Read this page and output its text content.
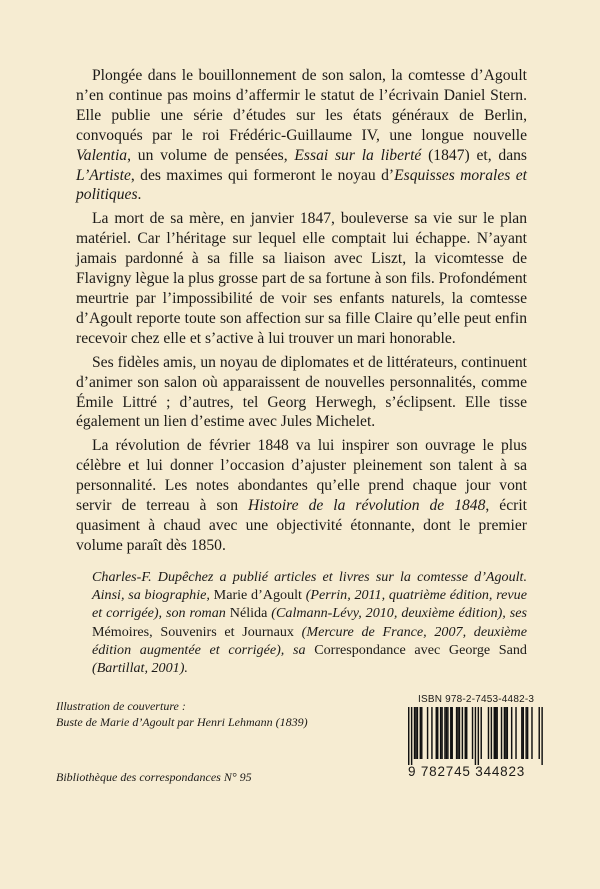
Plongée dans le bouillonnement de son salon, la comtesse d’Agoult n’en continue pas moins d’affermir le statut de l’écrivain Daniel Stern. Elle publie une série d’études sur les états généraux de Berlin, convoqués par le roi Frédéric-Guillaume IV, une longue nouvelle Valentia, un volume de pensées, Essai sur la liberté (1847) et, dans L’Artiste, des maximes qui formeront le noyau d’Esquisses morales et politiques.

La mort de sa mère, en janvier 1847, bouleverse sa vie sur le plan matériel. Car l’héritage sur lequel elle comptait lui échappe. N’ayant jamais pardonné à sa fille sa liaison avec Liszt, la vicomtesse de Flavigny lègue la plus grosse part de sa fortune à son fils. Profondément meurtrie par l’impossibilité de voir ses enfants naturels, la comtesse d’Agoult reporte toute son affection sur sa fille Claire qu’elle peut enfin recevoir chez elle et s’active à lui trouver un mari honorable.

Ses fidèles amis, un noyau de diplomates et de littérateurs, continuent d’animer son salon où apparaissent de nouvelles personnalités, comme Émile Littré ; d’autres, tel Georg Herwegh, s’éclipsent. Elle tisse également un lien d’estime avec Jules Michelet.

La révolution de février 1848 va lui inspirer son ouvrage le plus célèbre et lui donner l’occasion d’ajuster pleinement son talent à sa personnalité. Les notes abondantes qu’elle prend chaque jour vont servir de terreau à son Histoire de la révolution de 1848, écrit quasiment à chaud avec une objectivité étonnante, dont le premier volume paraît dès 1850.

Charles-F. Dupêchez a publié articles et livres sur la comtesse d’Agoult. Ainsi, sa biographie, Marie d’Agoult (Perrin, 2011, quatrième édition, revue et corrigée), son roman Nélida (Calmann-Lévy, 2010, deuxième édition), ses Mémoires, Souvenirs et Journaux (Mercure de France, 2007, deuxième édition augmentée et corrigée), sa Correspondance avec George Sand (Bartillat, 2001).
Illustration de couverture :
Buste de Marie d’Agoult par Henri Lehmann (1839)
Bibliothèque des correspondances N° 95
ISBN 978-2-7453-4482-3
9 782745 344823
